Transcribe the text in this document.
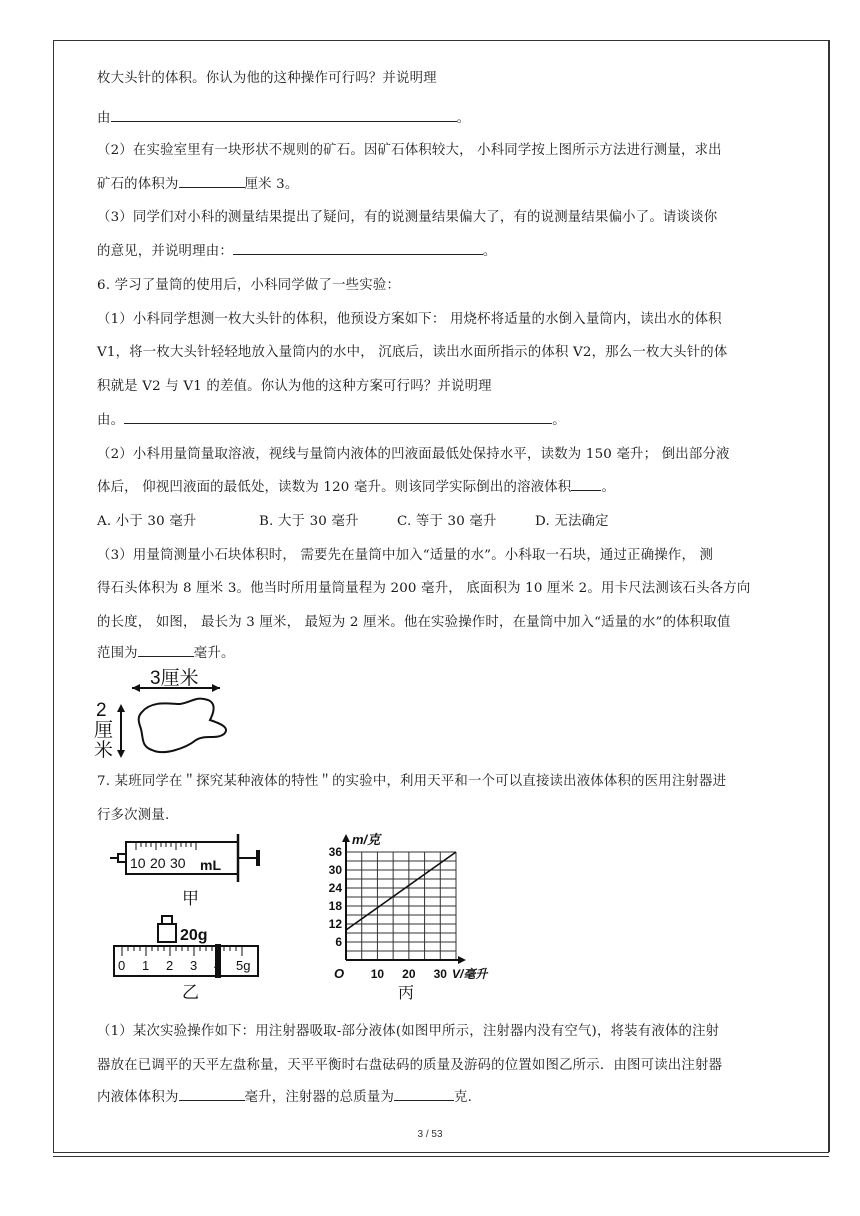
枚大头针的体积。你认为他的这种操作可行吗？并说明理
由	。
（2）在实验室里有一块形状不规则的矿石。因矿石体积较大， 小科同学按上图所示方法进行测量，求出
矿石的体积为	厘米 3。
（3）同学们对小科的测量结果提出了疑问，有的说测量结果偏大了，有的说测量结果偏小了。请谈谈你
的意见，并说明理由：	。
6. 学习了量筒的使用后，小科同学做了一些实验：
（1）小科同学想测一枚大头针的体积，他预设方案如下： 用烧杯将适量的水倒入量筒内，读出水的体积
V1，将一枚大头针轻轻地放入量筒内的水中， 沉底后，读出水面所指示的体积 V2，那么一枚大头针的体
积就是 V2 与 V1 的差值。你认为他的这种方案可行吗？并说明理
由。	。
（2）小科用量筒量取溶液，视线与量筒内液体的凹液面最低处保持水平，读数为 150 毫升； 倒出部分液
体后， 仰视凹液面的最低处，读数为 120 毫升。则该同学实际倒出的溶液体积 。
A. 小于 30 毫升	B. 大于 30 毫升	C. 等于 30 毫升	D. 无法确定
（3）用量筒测量小石块体积时， 需要先在量筒中加入“适量的水”。小科取一石块，通过正确操作， 测
得石头体积为 8 厘米 3。他当时所用量筒量程为 200 毫升， 底面积为 10 厘米 2。用卡尺法测该石头各方向
的长度， 如图， 最长为 3 厘米， 最短为 2 厘米。他在实验操作时，在量筒中加入“适量的水”的体积取值
范围为	毫升。
3厘米
2
厘
米
7. 某班同学在＂探究某种液体的特性＂的实验中，利用天平和一个可以直接读出液体体积的医用注射器进
行多次测量.
10 20 30 mL
甲
20g
0 1 2 3	5g
乙
6
12
18
24
30
36
10 20 30
m/克
V/毫升
O
丙
（1）某次实验操作如下：用注射器吸取-部分液体(如图甲所示，注射器内没有空气)，将装有液体的注射
器放在已调平的天平左盘称量，天平平衡时右盘砝码的质量及游码的位置如图乙所示．由图可读出注射器
内液体体积为	毫升，注射器的总质量为	克.
3 / 53
